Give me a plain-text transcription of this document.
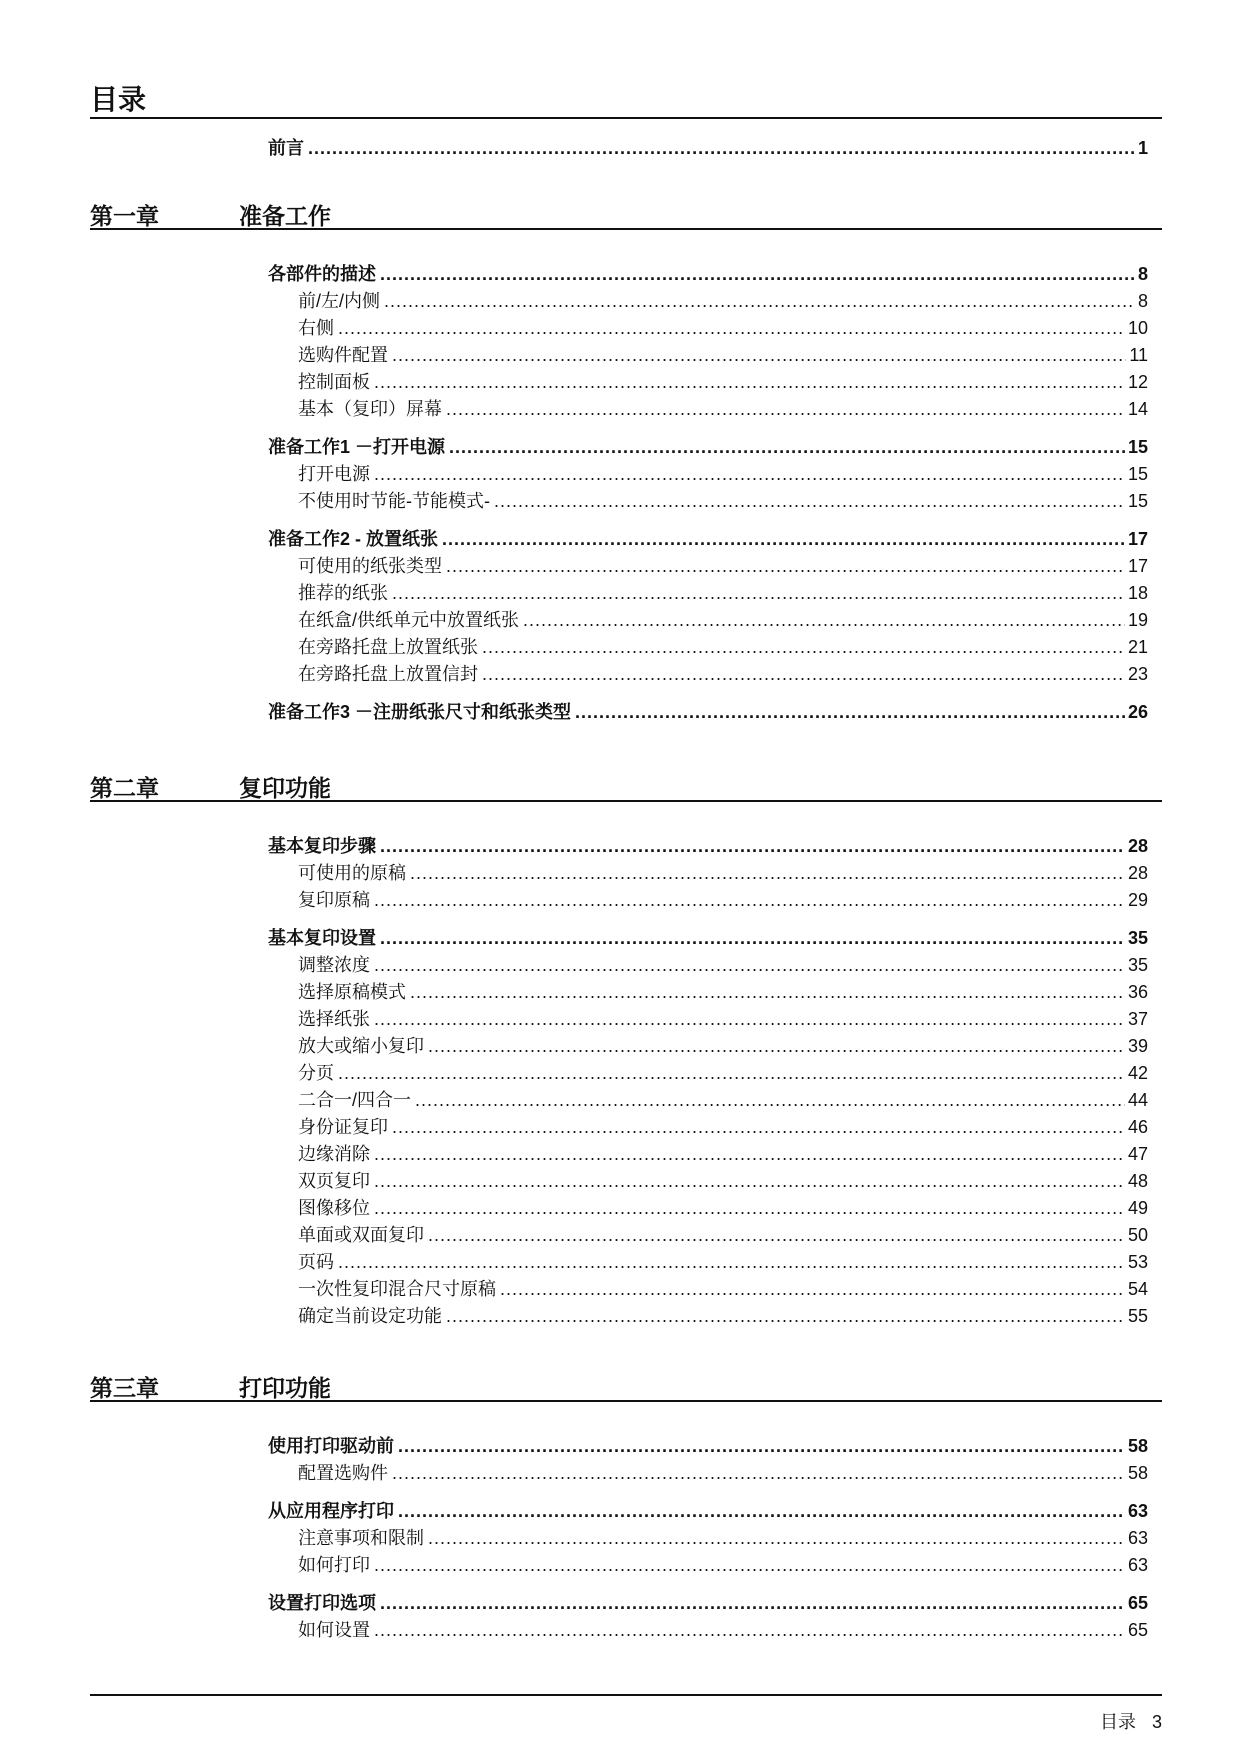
目录
前言 .....	1
第一章	准备工作
各部件的描述 .....	8
前/左/内侧 .....	8
右侧 .....	10
选购件配置 .....	11
控制面板 .....	12
基本（复印）屏幕 .....	14
准备工作1 －打开电源 .....	15
打开电源 .....	15
不使用时节能-节能模式- .....	15
准备工作2 - 放置纸张 .....	17
可使用的纸张类型 .....	17
推荐的纸张 .....	18
在纸盒/供纸单元中放置纸张 .....	19
在旁路托盘上放置纸张 .....	21
在旁路托盘上放置信封 .....	23
准备工作3 －注册纸张尺寸和纸张类型 .....	26
第二章	复印功能
基本复印步骤 .....	28
可使用的原稿 .....	28
复印原稿 .....	29
基本复印设置 .....	35
调整浓度 .....	35
选择原稿模式 .....	36
选择纸张 .....	37
放大或缩小复印 .....	39
分页 .....	42
二合一/四合一 .....	44
身份证复印 .....	46
边缘消除 .....	47
双页复印 .....	48
图像移位 .....	49
单面或双面复印 .....	50
页码 .....	53
一次性复印混合尺寸原稿 .....	54
确定当前设定功能 .....	55
第三章	打印功能
使用打印驱动前 .....	58
配置选购件 .....	58
从应用程序打印 .....	63
注意事项和限制 .....	63
如何打印 .....	63
设置打印选项 .....	65
如何设置 .....	65
目录 3
